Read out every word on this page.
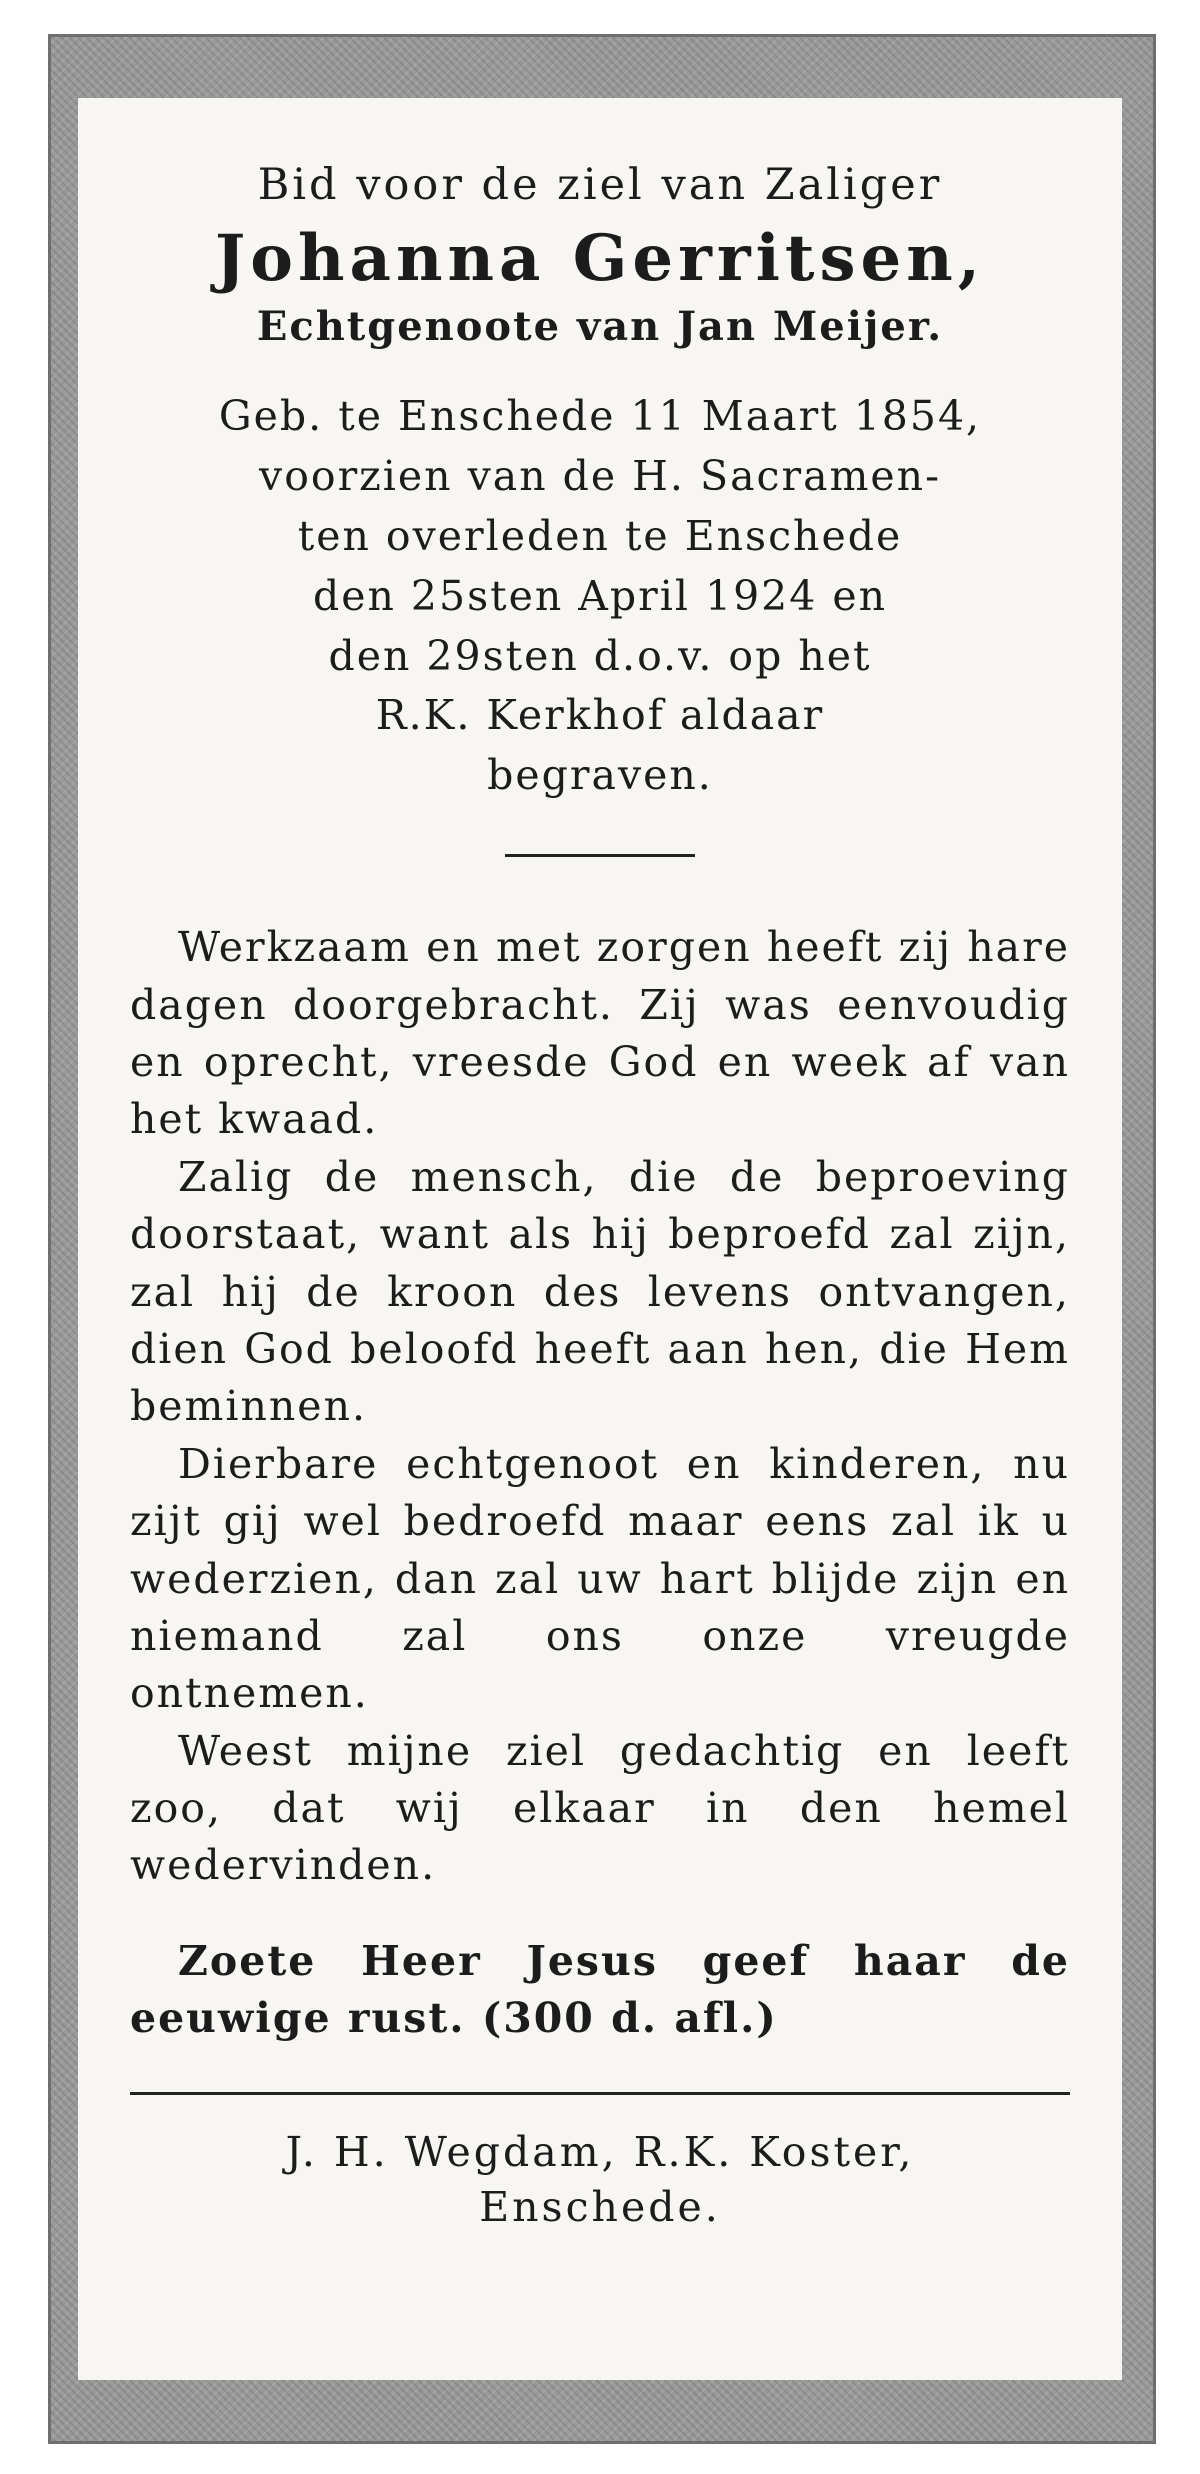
Bid voor de ziel van Zaliger

Johanna Gerritsen,

Echtgenoote van Jan Meijer.

Geb. te Enschede 11 Maart 1854,

voorzien van de H. Sacramen-

ten overleden te Enschede

den 25sten April 1924 en

den 29sten d.o.v. op het

R.K. Kerkhof aldaar

begraven.

Werkzaam en met zorgen heeft zij hare dagen doorgebracht. Zij was eenvoudig en oprecht, vreesde God en week af van het kwaad.

Zalig de mensch, die de beproeving doorstaat, want als hij beproefd zal zijn, zal hij de kroon des levens ontvangen, dien God beloofd heeft aan hen, die Hem beminnen.

Dierbare echtgenoot en kinderen, nu zijt gij wel bedroefd maar eens zal ik u wederzien, dan zal uw hart blijde zijn en niemand zal ons onze vreugde ontnemen.

Weest mijne ziel gedachtig en leeft zoo, dat wij elkaar in den hemel wedervinden.

Zoete Heer Jesus geef haar de eeuwige rust. (300 d. afl.)

J. H. Wegdam, R.K. Koster,

Enschede.
